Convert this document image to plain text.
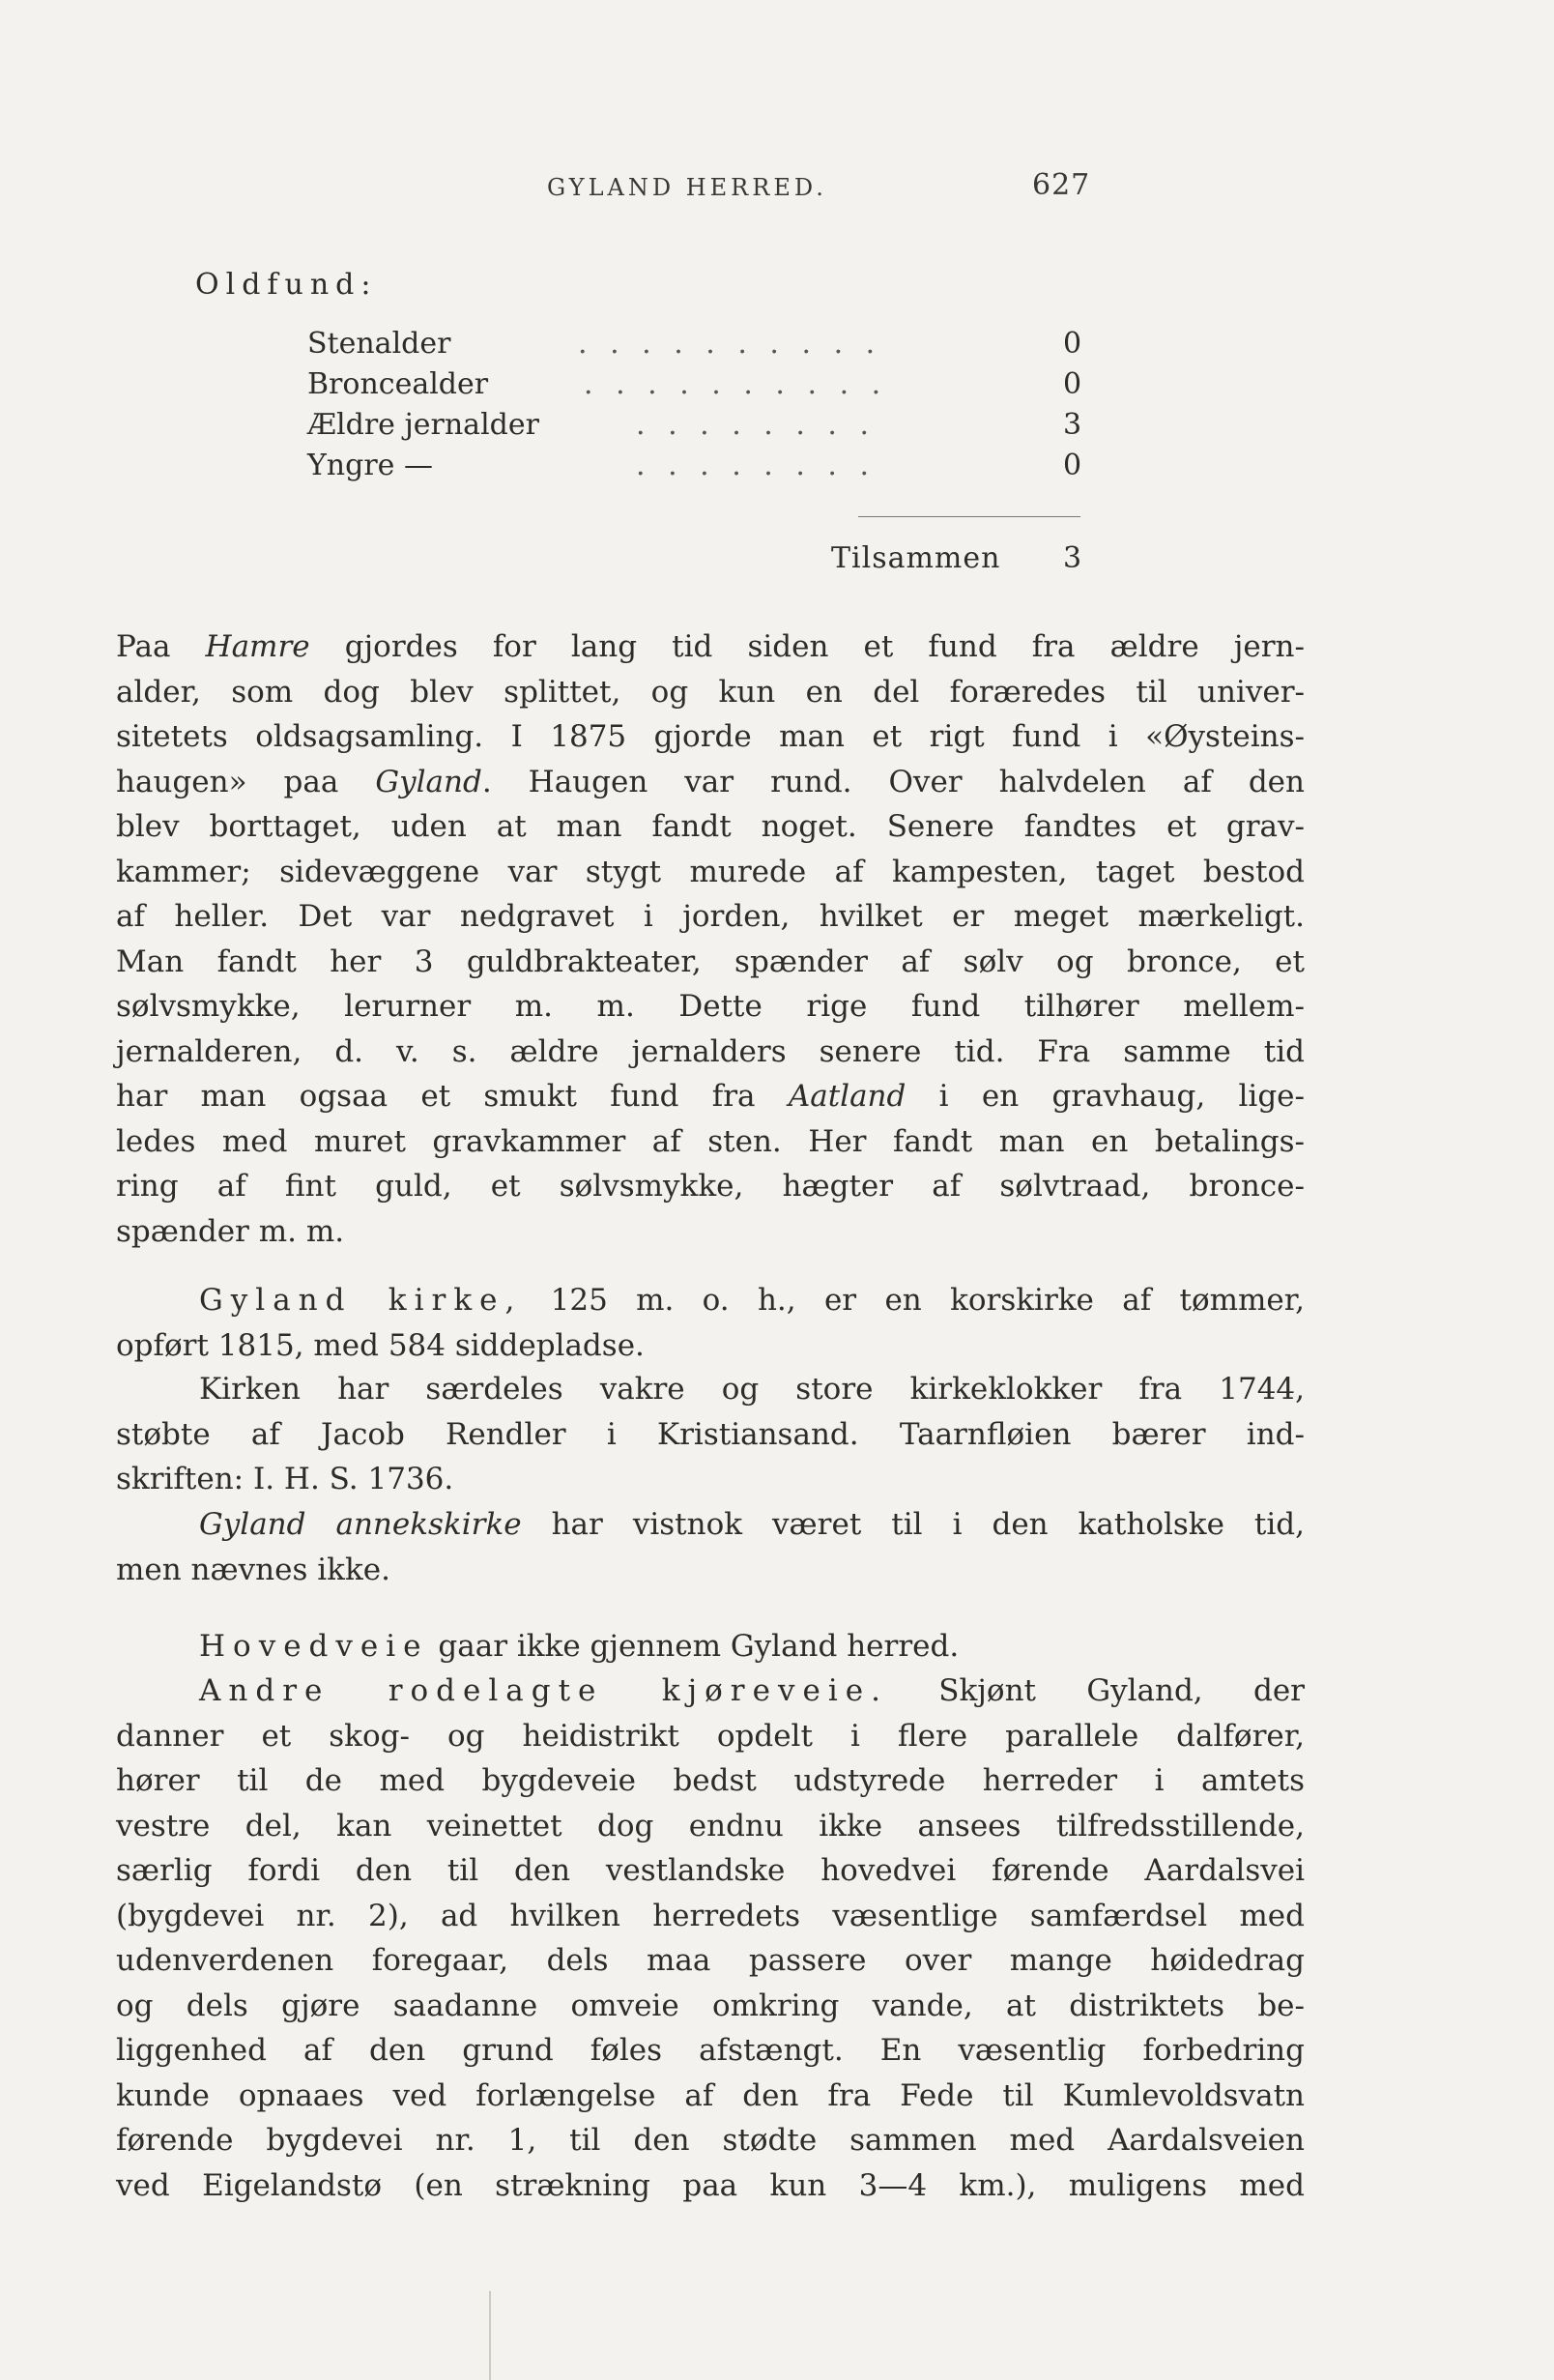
GYLAND HERRED.	627
Oldfund:
Stenalder	. . . . . . . . . .	0
Broncealder	. . . . . . . . . .	0
Ældre jernalder	. . . . . . . .	3
Yngre —	. . . . . . . .	0
Tilsammen 3
Paa Hamre gjordes for lang tid siden et fund fra ældre jern-
alder, som dog blev splittet, og kun en del foræredes til univer-
sitetets oldsagsamling. I 1875 gjorde man et rigt fund i «Øysteins-
haugen» paa Gyland. Haugen var rund. Over halvdelen af den
blev borttaget, uden at man fandt noget. Senere fandtes et grav-
kammer; sidevæggene var stygt murede af kampesten, taget bestod
af heller. Det var nedgravet i jorden, hvilket er meget mærkeligt.
Man fandt her 3 guldbrakteater, spænder af sølv og bronce, et
sølvsmykke, lerurner m. m. Dette rige fund tilhører mellem-
jernalderen, d. v. s. ældre jernalders senere tid. Fra samme tid
har man ogsaa et smukt fund fra Aatland i en gravhaug, lige-
ledes med muret gravkammer af sten. Her fandt man en betalings-
ring af fint guld, et sølvsmykke, hægter af sølvtraad, bronce-
spænder m. m.
Gyland kirke, 125 m. o. h., er en korskirke af tømmer,
opført 1815, med 584 siddepladse.
Kirken har særdeles vakre og store kirkeklokker fra 1744,
støbte af Jacob Rendler i Kristiansand. Taarnfløien bærer ind-
skriften: I. H. S. 1736.
Gyland annekskirke har vistnok været til i den katholske tid,
men nævnes ikke.
Hovedveie gaar ikke gjennem Gyland herred.
Andre rodelagte kjøreveie. Skjønt Gyland, der
danner et skog- og heidistrikt opdelt i flere parallele dalfører,
hører til de med bygdeveie bedst udstyrede herreder i amtets
vestre del, kan veinettet dog endnu ikke ansees tilfredsstillende,
særlig fordi den til den vestlandske hovedvei førende Aardalsvei
(bygdevei nr. 2), ad hvilken herredets væsentlige samfærdsel med
udenverdenen foregaar, dels maa passere over mange høidedrag
og dels gjøre saadanne omveie omkring vande, at distriktets be-
liggenhed af den grund føles afstængt. En væsentlig forbedring
kunde opnaaes ved forlængelse af den fra Fede til Kumlevoldsvatn
førende bygdevei nr. 1, til den stødte sammen med Aardalsveien
ved Eigelandstø (en strækning paa kun 3—4 km.), muligens med
